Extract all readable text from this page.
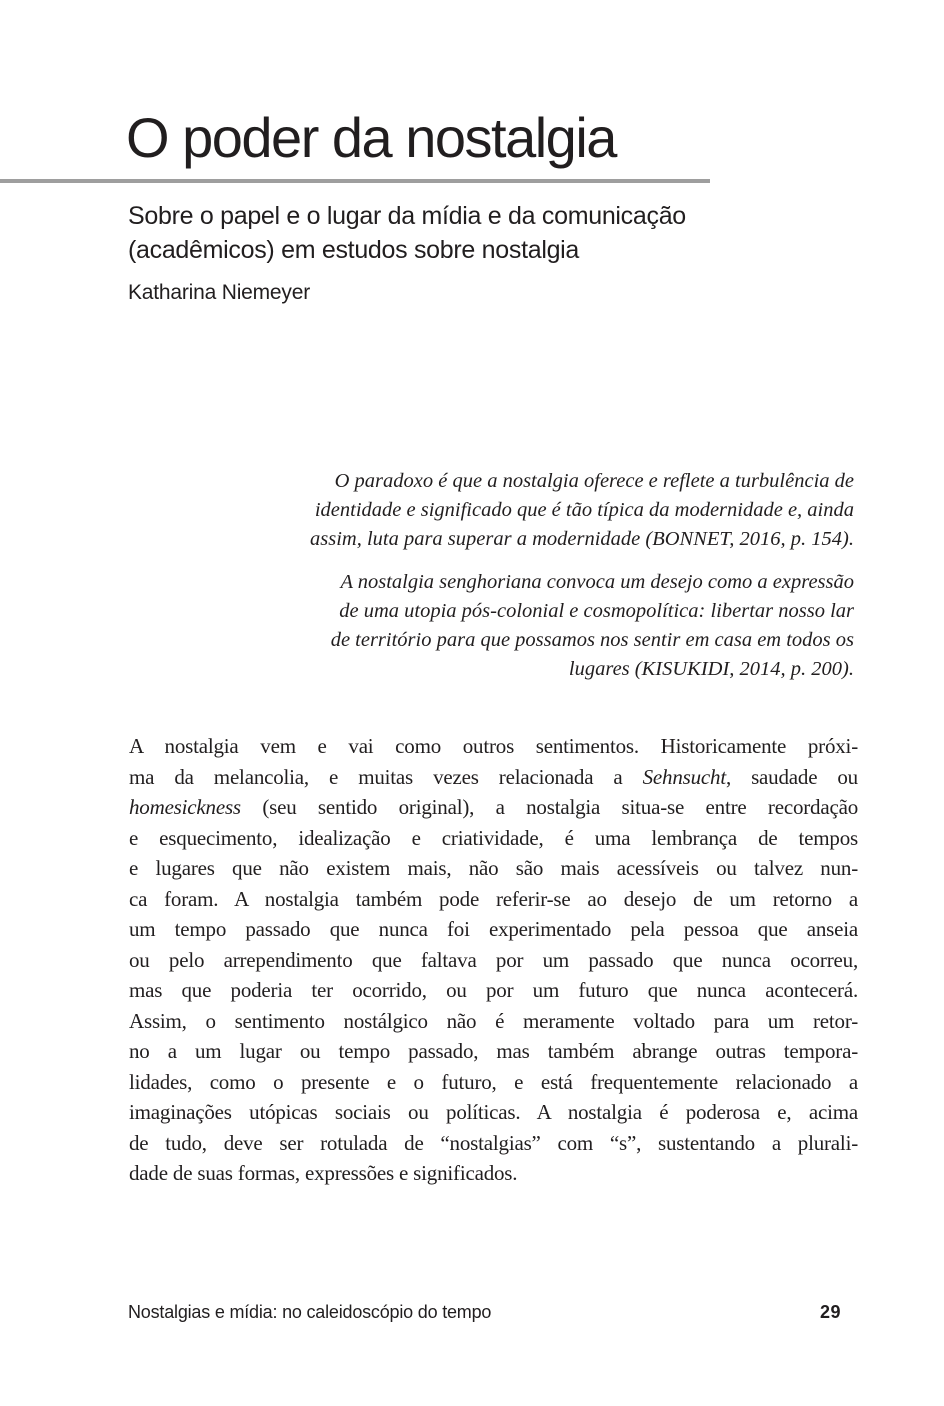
O poder da nostalgia
Sobre o papel e o lugar da mídia e da comunicação
(acadêmicos) em estudos sobre nostalgia
Katharina Niemeyer
O paradoxo é que a nostalgia oferece e reflete a turbulência de
identidade e significado que é tão típica da modernidade e, ainda
assim, luta para superar a modernidade (BONNET, 2016, p. 154).
A nostalgia senghoriana convoca um desejo como a expressão
de uma utopia pós-colonial e cosmopolítica: libertar nosso lar
de território para que possamos nos sentir em casa em todos os
lugares (KISUKIDI, 2014, p. 200).
A nostalgia vem e vai como outros sentimentos. Historicamente próxi-
ma da melancolia, e muitas vezes relacionada a Sehnsucht, saudade ou
homesickness (seu sentido original), a nostalgia situa-se entre recordação
e esquecimento, idealização e criatividade, é uma lembrança de tempos
e lugares que não existem mais, não são mais acessíveis ou talvez nun-
ca foram. A nostalgia também pode referir-se ao desejo de um retorno a
um tempo passado que nunca foi experimentado pela pessoa que anseia
ou pelo arrependimento que faltava por um passado que nunca ocorreu,
mas que poderia ter ocorrido, ou por um futuro que nunca acontecerá.
Assim, o sentimento nostálgico não é meramente voltado para um retor-
no a um lugar ou tempo passado, mas também abrange outras tempora-
lidades, como o presente e o futuro, e está frequentemente relacionado a
imaginações utópicas sociais ou políticas. A nostalgia é poderosa e, acima
de tudo, deve ser rotulada de “nostalgias” com “s”, sustentando a plurali-
dade de suas formas, expressões e significados.
Nostalgias e mídia: no caleidoscópio do tempo	29
